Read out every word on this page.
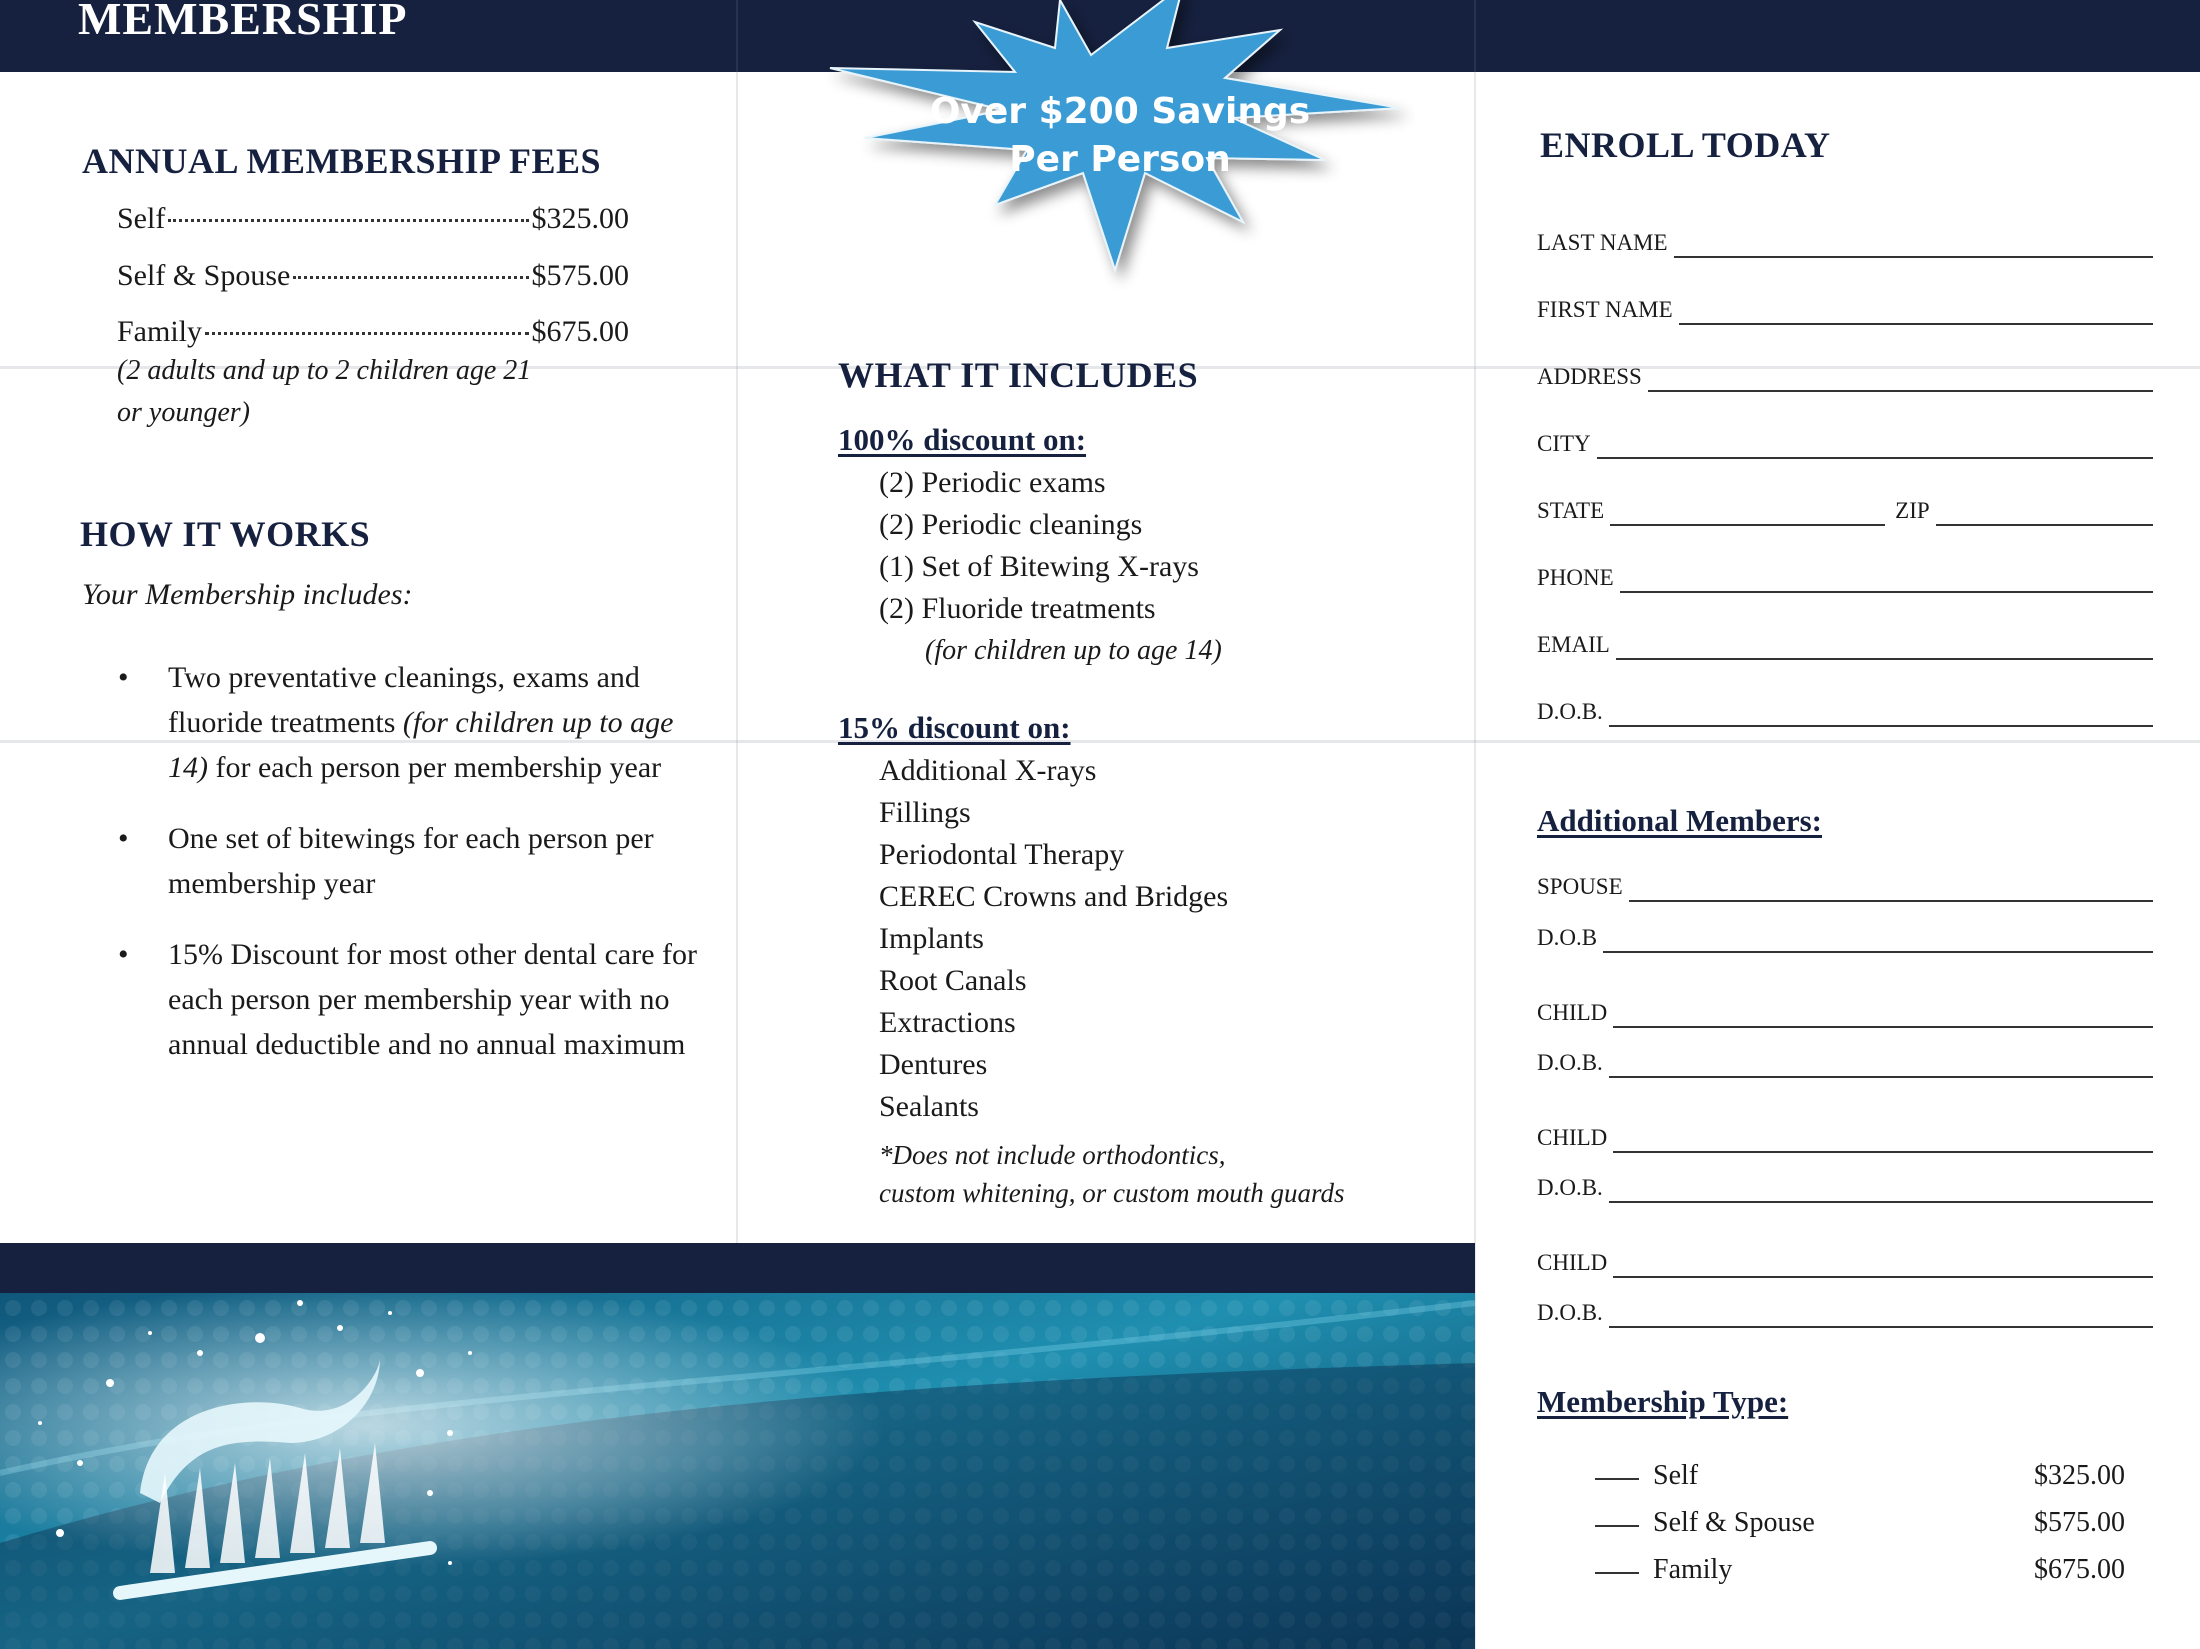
MEMBERSHIP
Over $200 Savings
Per Person
ANNUAL MEMBERSHIP FEES
Self	$325.00
Self & Spouse	$575.00
Family	$675.00
(2 adults and up to 2 children age 21
or younger)
HOW IT WORKS
Your Membership includes:
• Two preventative cleanings, exams and fluoride treatments (for children up to age 14) for each person per membership year
• One set of bitewings for each person per membership year
• 15% Discount for most other dental care for each person per membership year with no annual deductible and no annual maximum
WHAT IT INCLUDES
100% discount on:
(2) Periodic exams
(2) Periodic cleanings
(1) Set of Bitewing X-rays
(2) Fluoride treatments
(for children up to age 14)
15% discount on:
Additional X-rays
Fillings
Periodontal Therapy
CEREC Crowns and Bridges
Implants
Root Canals
Extractions
Dentures
Sealants
*Does not include orthodontics,
custom whitening, or custom mouth guards
ENROLL TODAY
LAST NAME
FIRST NAME
ADDRESS
CITY
STATE	ZIP
PHONE
EMAIL
D.O.B.
Additional Members:
SPOUSE
D.O.B
CHILD
D.O.B.
CHILD
D.O.B.
CHILD
D.O.B.
Membership Type:
Self	$325.00
Self & Spouse	$575.00
Family	$675.00
